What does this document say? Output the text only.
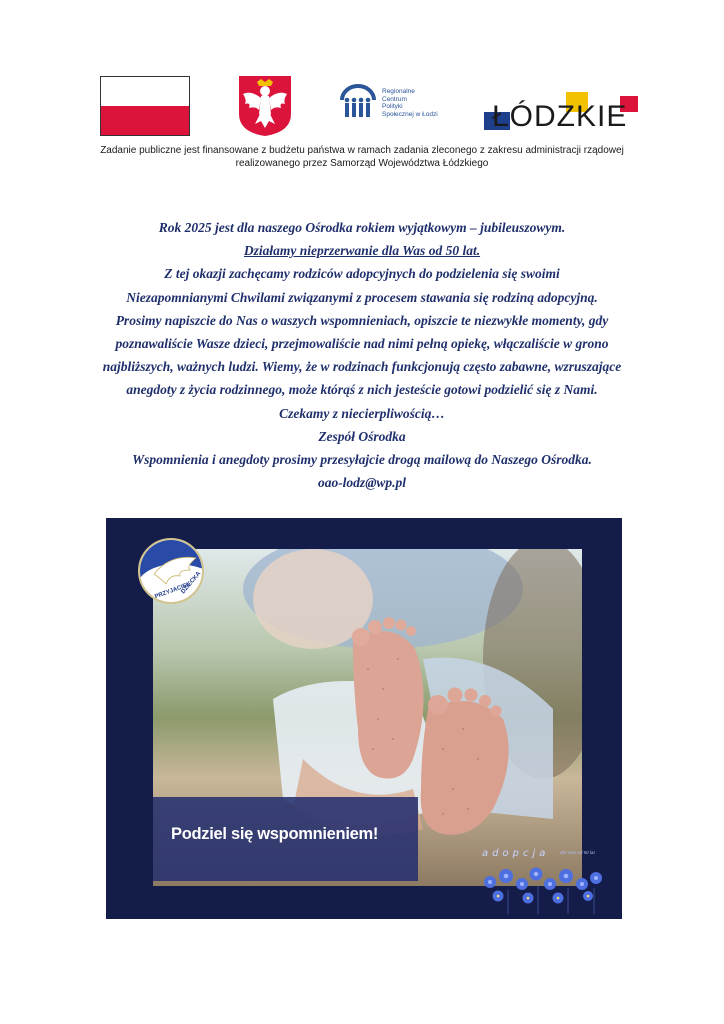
Regionalne
Centrum
Polityki
Społecznej w Łodzi	ŁÓDZKIE
Zadanie publiczne jest finansowane z budżetu państwa w ramach zadania zleconego z zakresu administracji rządowej
realizowanego przez Samorząd Województwa Łódzkiego
Rok 2025 jest dla naszego Ośrodka rokiem wyjątkowym – jubileuszowym.
Działamy nieprzerwanie dla Was od 50 lat.
Z tej okazji zachęcamy rodziców adopcyjnych do podzielenia się swoimi
Niezapomnianymi Chwilami związanymi z procesem stawania się rodziną adopcyjną.
Prosimy napiszcie do Nas o waszych wspomnieniach, opiszcie te niezwykłe momenty, gdy
poznawaliście Wasze dzieci, przejmowaliście nad nimi pełną opiekę, włączaliście w grono
najbliższych, ważnych ludzi. Wiemy, że w rodzinach funkcjonują często zabawne, wzruszające
anegdoty z życia rodzinnego, może którąś z nich jesteście gotowi podzielić się z Nami.
Czekamy z niecierpliwością…
Zespół Ośrodka
Wspomnienia i anegdoty prosimy przesyłajcie drogą mailową do Naszego Ośrodka.
oao-lodz@wp.pl
Podziel się wspomnieniem!
PRZYJACIEL
DZIECKA
adopcja dla Was od 50 lat
